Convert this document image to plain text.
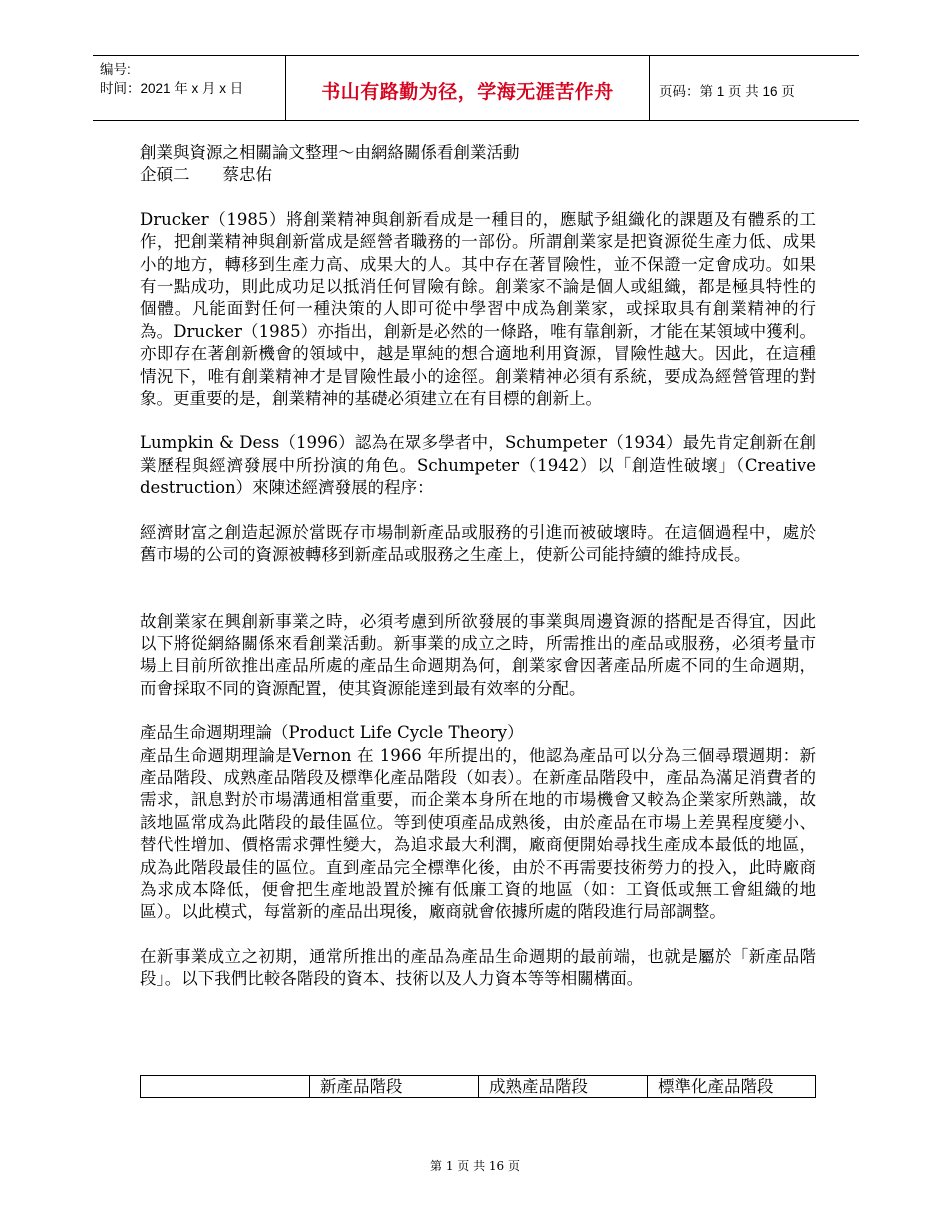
编号:
时间：2021 年 x 月 x 日	书山有路勤为径，学海无涯苦作舟	页码：第 1 页 共 16 页

創業與資源之相關論文整理～由網絡關係看創業活動

企碩二　　蔡忠佑

Drucker（1985）將創業精神與創新看成是一種目的，應賦予組織化的課題及有體系的工作，把創業精神與創新當成是經營者職務的一部份。所謂創業家是把資源從生產力低、成果小的地方，轉移到生產力高、成果大的人。其中存在著冒險性，並不保證一定會成功。如果有一點成功，則此成功足以抵消任何冒險有餘。創業家不論是個人或組織，都是極具特性的個體。凡能面對任何一種決策的人即可從中學習中成為創業家，或採取具有創業精神的行為。Drucker（1985）亦指出，創新是必然的一條路，唯有靠創新，才能在某領域中獲利。亦即存在著創新機會的領域中，越是單純的想合適地利用資源，冒險性越大。因此，在這種情況下，唯有創業精神才是冒險性最小的途徑。創業精神必須有系統，要成為經營管理的對象。更重要的是，創業精神的基礎必須建立在有目標的創新上。

Lumpkin & Dess（1996）認為在眾多學者中，Schumpeter（1934）最先肯定創新在創業歷程與經濟發展中所扮演的角色。Schumpeter（1942）以「創造性破壞」（Creative destruction）來陳述經濟發展的程序：

經濟財富之創造起源於當既存市場制新產品或服務的引進而被破壞時。在這個過程中，處於舊市場的公司的資源被轉移到新產品或服務之生產上，使新公司能持續的維持成長。

故創業家在興創新事業之時，必須考慮到所欲發展的事業與周邊資源的搭配是否得宜，因此以下將從網絡關係來看創業活動。新事業的成立之時，所需推出的產品或服務，必須考量市場上目前所欲推出產品所處的產品生命週期為何，創業家會因著產品所處不同的生命週期，而會採取不同的資源配置，使其資源能達到最有效率的分配。

產品生命週期理論（Product Life Cycle Theory）

產品生命週期理論是Vernon 在 1966 年所提出的，他認為產品可以分為三個尋環週期：新產品階段、成熟產品階段及標準化產品階段（如表）。在新產品階段中，產品為滿足消費者的需求，訊息對於市場溝通相當重要，而企業本身所在地的市場機會又較為企業家所熟識，故該地區常成為此階段的最佳區位。等到使項產品成熟後，由於產品在市場上差異程度變小、替代性增加、價格需求彈性變大，為追求最大利潤，廠商便開始尋找生產成本最低的地區，成為此階段最佳的區位。直到產品完全標準化後，由於不再需要技術勞力的投入，此時廠商為求成本降低，便會把生產地設置於擁有低廉工資的地區（如：工資低或無工會組織的地區）。以此模式，每當新的產品出現後，廠商就會依據所處的階段進行局部調整。

在新事業成立之初期，通常所推出的產品為產品生命週期的最前端，也就是屬於「新產品階段」。以下我們比較各階段的資本、技術以及人力資本等等相關構面。

	新產品階段	成熟產品階段	標準化產品階段
第 1 页 共 16 页
